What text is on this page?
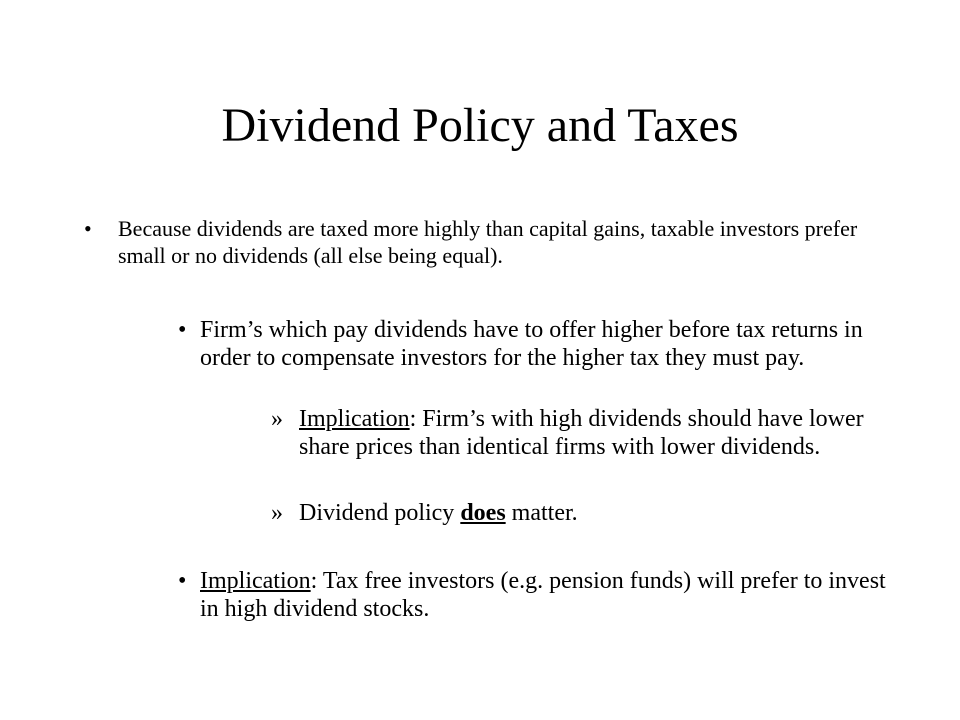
Dividend Policy and Taxes
• Because dividends are taxed more highly than capital gains, taxable investors prefer small or no dividends (all else being equal).
• Firm’s which pay dividends have to offer higher before tax returns in order to compensate investors for the higher tax they must pay.
» Implication: Firm’s with high dividends should have lower share prices than identical firms with lower dividends.
» Dividend policy does matter.
• Implication: Tax free investors (e.g. pension funds) will prefer to invest in high dividend stocks.
